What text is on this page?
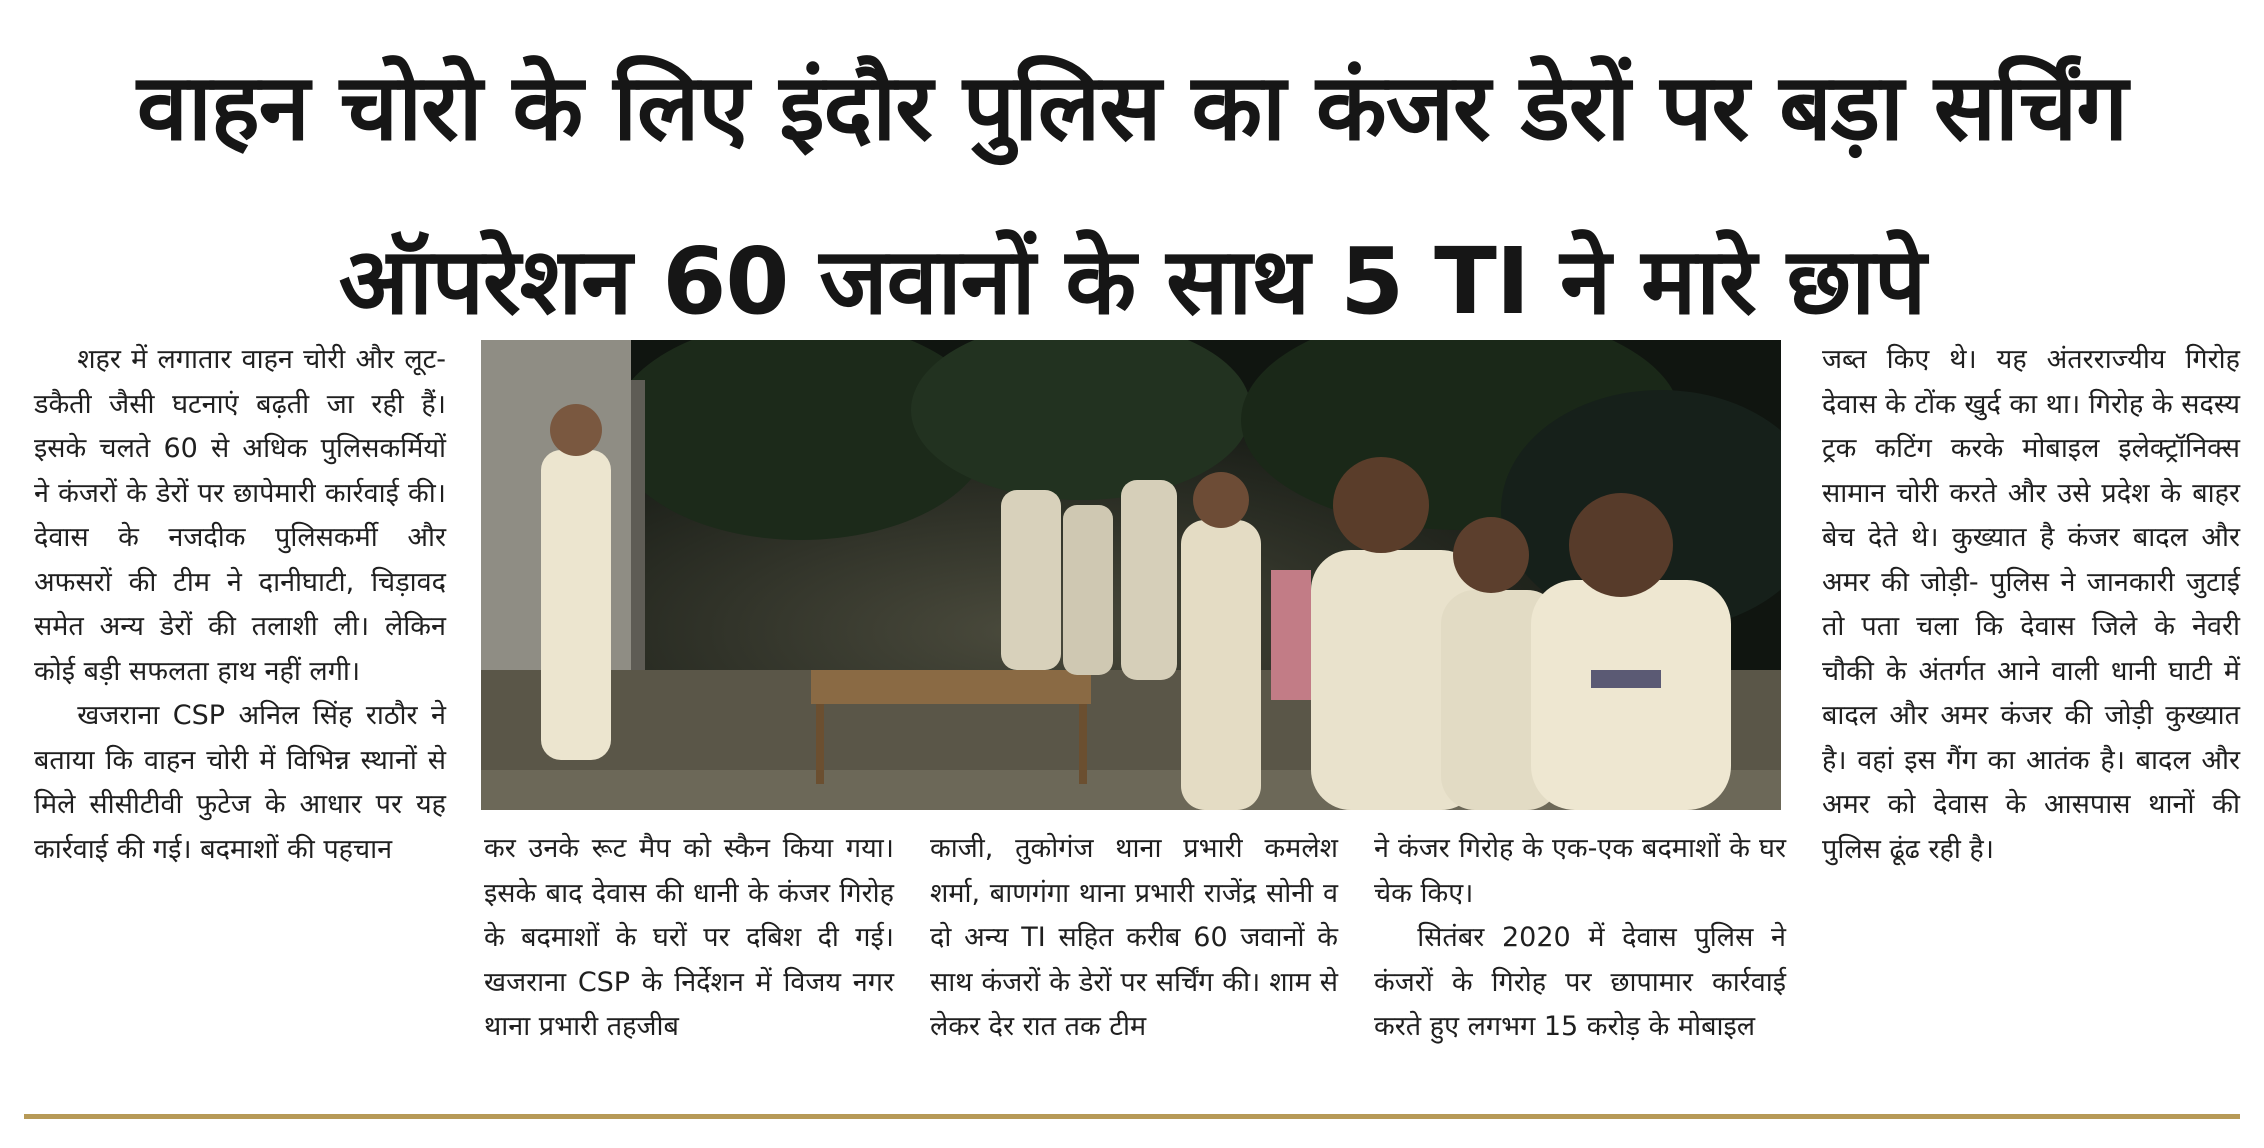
वाहन चोरो के लिए इंदौर पुलिस का कंजर डेरों पर बड़ा सर्चिंग
ऑपरेशन 60 जवानों के साथ 5 TI ने मारे छापे

शहर में लगातार वाहन चोरी और लूट-डकैती जैसी घटनाएं बढ़ती जा रही हैं। इसके चलते 60 से अधिक पुलिसकर्मियों ने कंजरों के डेरों पर छापेमारी कार्रवाई की। देवास के नजदीक पुलिसकर्मी और अफसरों की टीम ने दानीघाटी, चिड़ावद समेत अन्य डेरों की तलाशी ली। लेकिन कोई बड़ी सफलता हाथ नहीं लगी।

खजराना CSP अनिल सिंह राठौर ने बताया कि वाहन चोरी में विभिन्न स्थानों से मिले सीसीटीवी फुटेज के आधार पर यह कार्रवाई की गई। बदमाशों की पहचान	कर उनके रूट मैप को स्कैन किया गया। इसके बाद देवास की धानी के कंजर गिरोह के बदमाशों के घरों पर दबिश दी गई। खजराना CSP के निर्देशन में विजय नगर थाना प्रभारी तहजीब

काजी, तुकोगंज थाना प्रभारी कमलेश शर्मा, बाणगंगा थाना प्रभारी राजेंद्र सोनी व दो अन्य TI सहित करीब 60 जवानों के साथ कंजरों के डेरों पर सर्चिंग की। शाम से लेकर देर रात तक टीम

ने कंजर गिरोह के एक-एक बदमाशों के घर चेक किए।

सितंबर 2020 में देवास पुलिस ने कंजरों के गिरोह पर छापामार कार्रवाई करते हुए लगभग 15 करोड़ के मोबाइल

जब्त किए थे। यह अंतरराज्यीय गिरोह देवास के टोंक खुर्द का था। गिरोह के सदस्य ट्रक कटिंग करके मोबाइल इलेक्ट्रॉनिक्स सामान चोरी करते और उसे प्रदेश के बाहर बेच देते थे। कुख्यात है कंजर बादल और अमर की जोड़ी- पुलिस ने जानकारी जुटाई तो पता चला कि देवास जिले के नेवरी चौकी के अंतर्गत आने वाली धानी घाटी में बादल और अमर कंजर की जोड़ी कुख्यात है। वहां इस गैंग का आतंक है। बादल और अमर को देवास के आसपास थानों की पुलिस ढूंढ रही है।
